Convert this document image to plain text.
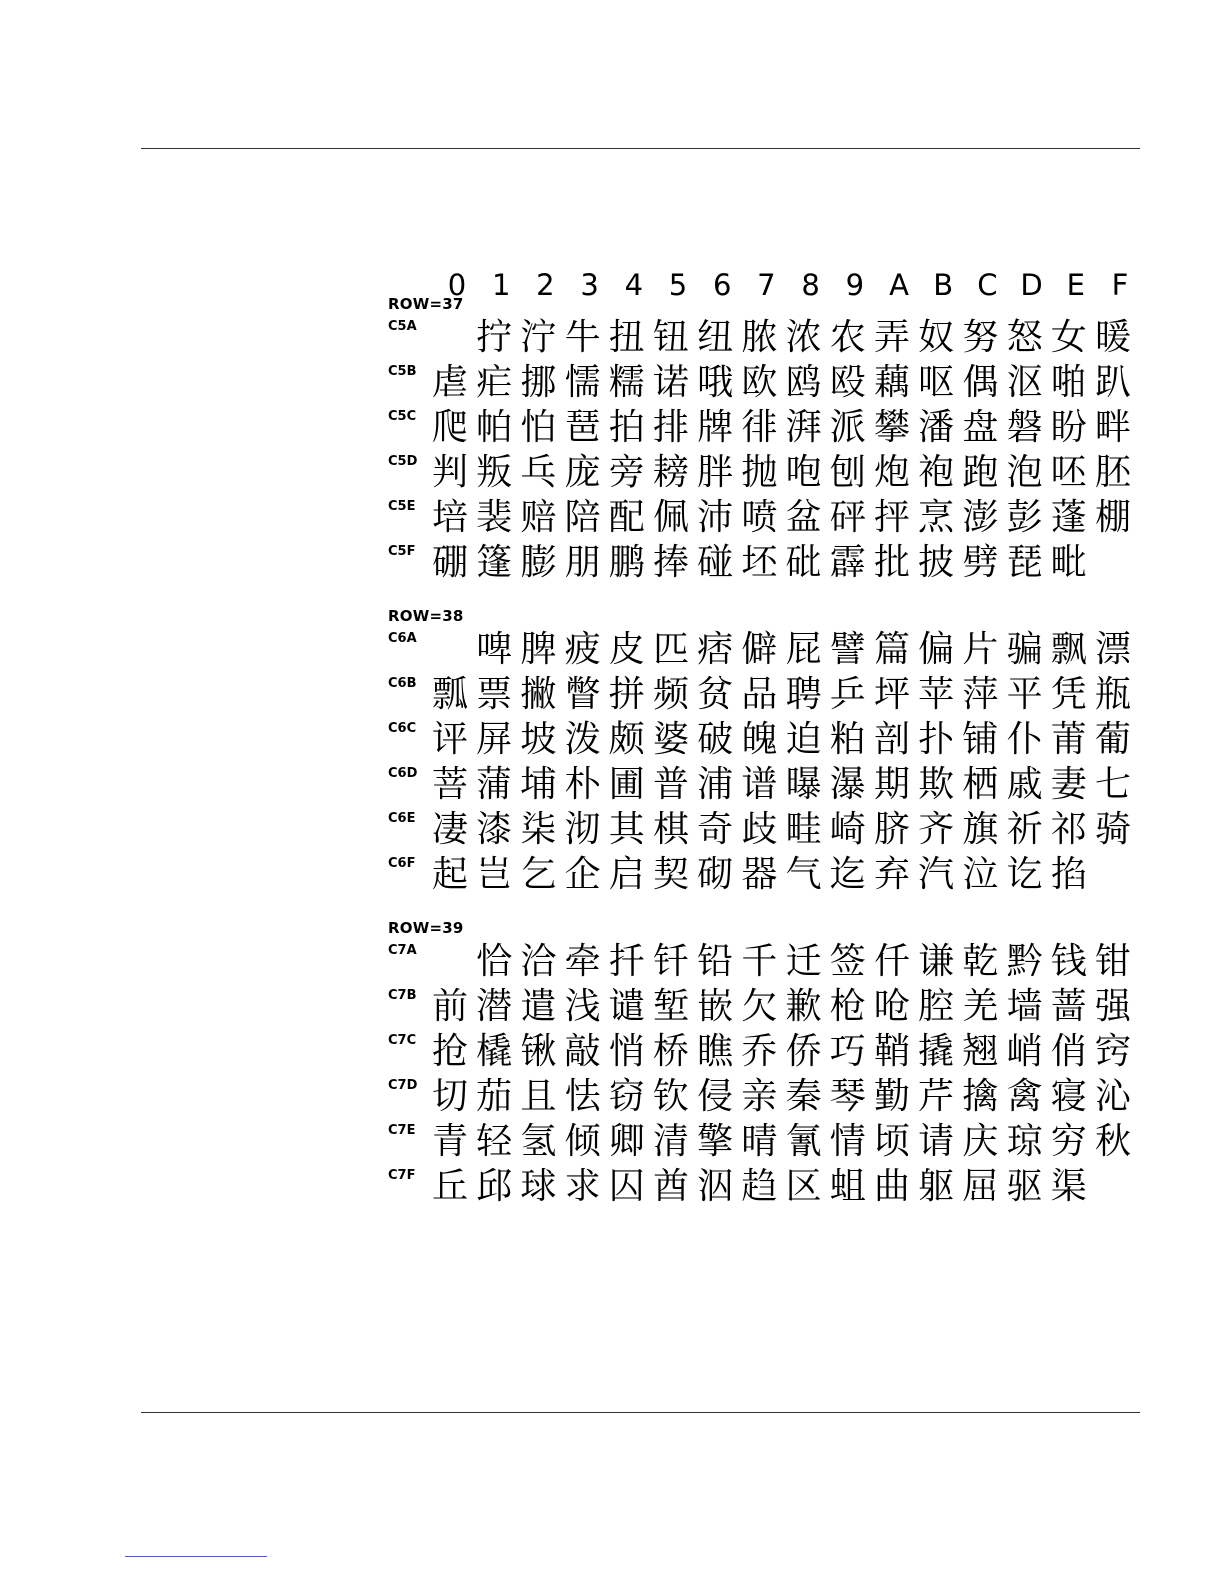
0 1 2 3 4 5 6 7 8 9 A B C D E F
ROW=37
C5A 拧 泞 牛 扭 钮 纽 脓 浓 农 弄 奴 努 怒 女 暖
C5B 虐 疟 挪 懦 糯 诺 哦 欧 鸥 殴 藕 呕 偶 沤 啪 趴
C5C 爬 帕 怕 琶 拍 排 牌 徘 湃 派 攀 潘 盘 磐 盼 畔
C5D 判 叛 乓 庞 旁 耪 胖 抛 咆 刨 炮 袍 跑 泡 呸 胚
C5E 培 裴 赔 陪 配 佩 沛 喷 盆 砰 抨 烹 澎 彭 蓬 棚
C5F 硼 篷 膨 朋 鹏 捧 碰 坯 砒 霹 批 披 劈 琵 毗
ROW=38
C6A 啤 脾 疲 皮 匹 痞 僻 屁 譬 篇 偏 片 骗 飘 漂
C6B 瓢 票 撇 瞥 拼 频 贫 品 聘 乒 坪 苹 萍 平 凭 瓶
C6C 评 屏 坡 泼 颇 婆 破 魄 迫 粕 剖 扑 铺 仆 莆 葡
C6D 菩 蒲 埔 朴 圃 普 浦 谱 曝 瀑 期 欺 栖 戚 妻 七
C6E 凄 漆 柒 沏 其 棋 奇 歧 畦 崎 脐 齐 旗 祈 祁 骑
C6F 起 岂 乞 企 启 契 砌 器 气 迄 弃 汽 泣 讫 掐
ROW=39
C7A 恰 洽 牵 扦 钎 铅 千 迁 签 仟 谦 乾 黔 钱 钳
C7B 前 潜 遣 浅 谴 堑 嵌 欠 歉 枪 呛 腔 羌 墙 蔷 强
C7C 抢 橇 锹 敲 悄 桥 瞧 乔 侨 巧 鞘 撬 翘 峭 俏 窍
C7D 切 茄 且 怯 窃 钦 侵 亲 秦 琴 勤 芹 擒 禽 寝 沁
C7E 青 轻 氢 倾 卿 清 擎 晴 氰 情 顷 请 庆 琼 穷 秋
C7F 丘 邱 球 求 囚 酋 泅 趋 区 蛆 曲 躯 屈 驱 渠
